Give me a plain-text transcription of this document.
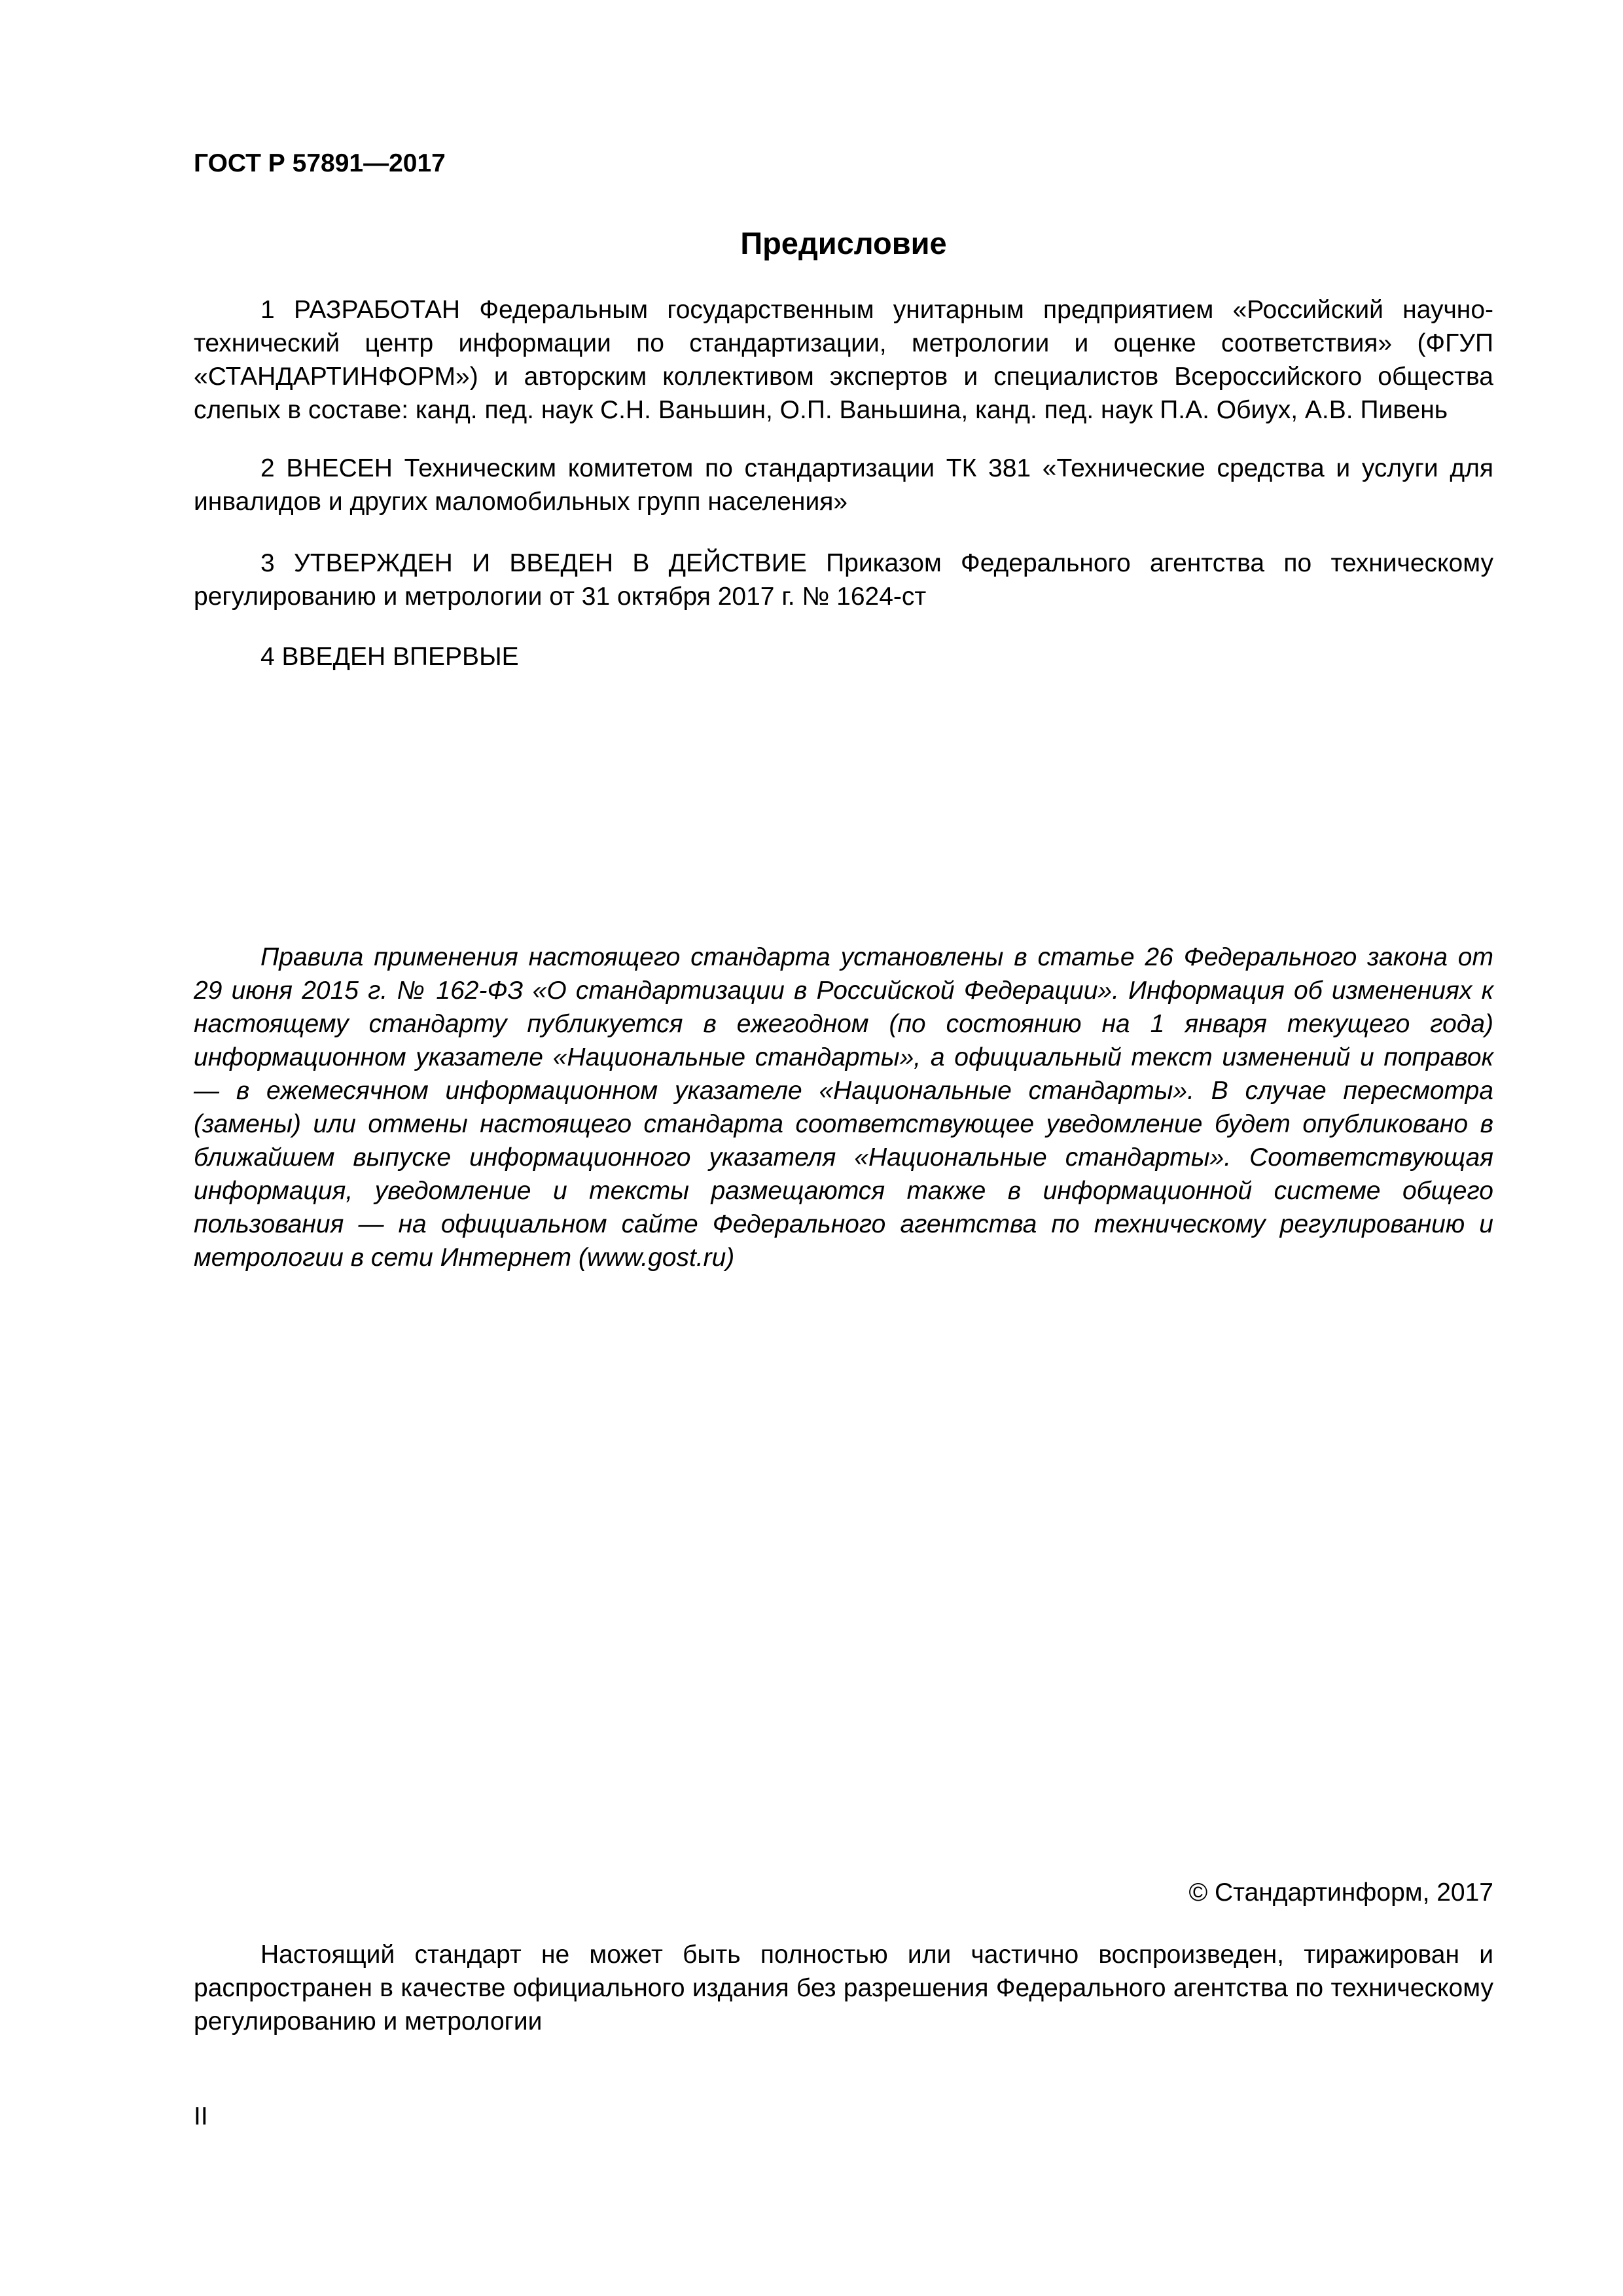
ГОСТ Р 57891—2017
Предисловие

1 РАЗРАБОТАН Федеральным государственным унитарным предприятием «Российский научно-технический центр информации по стандартизации, метрологии и оценке соответствия» (ФГУП «СТАНДАРТИНФОРМ») и авторским коллективом экспертов и специалистов Всероссийского общества слепых в составе: канд. пед. наук С.Н. Ваньшин, О.П. Ваньшина, канд. пед. наук П.А. Обиух, А.В. Пивень

2 ВНЕСЕН Техническим комитетом по стандартизации ТК 381 «Технические средства и услуги для инвалидов и других маломобильных групп населения»

3 УТВЕРЖДЕН И ВВЕДЕН В ДЕЙСТВИЕ Приказом Федерального агентства по техническому регулированию и метрологии от 31 октября 2017 г. № 1624-ст

4 ВВЕДЕН ВПЕРВЫЕ

Правила применения настоящего стандарта установлены в статье 26 Федерального закона от 29 июня 2015 г. № 162-ФЗ «О стандартизации в Российской Федерации». Информация об изменениях к настоящему стандарту публикуется в ежегодном (по состоянию на 1 января текущего года) информационном указателе «Национальные стандарты», а официальный текст изменений и поправок — в ежемесячном информационном указателе «Национальные стандарты». В случае пересмотра (замены) или отмены настоящего стандарта соответствующее уведомление будет опубликовано в ближайшем выпуске информационного указателя «Национальные стандарты». Соответствующая информация, уведомление и тексты размещаются также в информационной системе общего пользования — на официальном сайте Федерального агентства по техническому регулированию и метрологии в сети Интернет (www.gost.ru)

© Стандартинформ, 2017

Настоящий стандарт не может быть полностью или частично воспроизведен, тиражирован и распространен в качестве официального издания без разрешения Федерального агентства по техническому регулированию и метрологии

II
